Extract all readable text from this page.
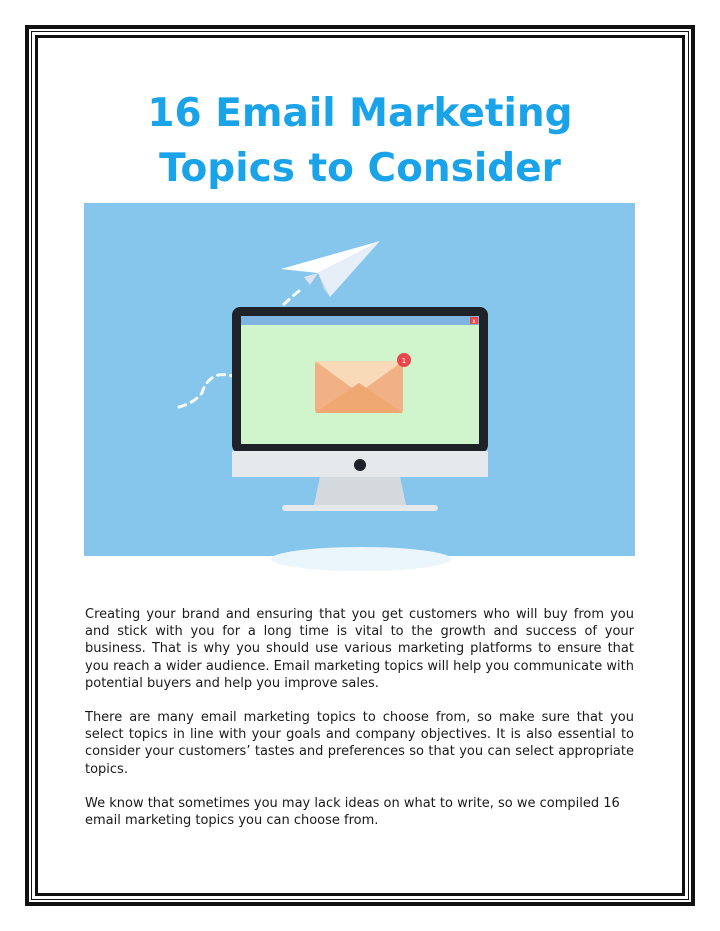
16 Email Marketing
Topics to Consider
x
1

Creating your brand and ensuring that you get customers who will buy from you and stick with you for a long time is vital to the growth and success of your business. That is why you should use various marketing platforms to ensure that you reach a wider audience. Email marketing topics will help you communicate with potential buyers and help you improve sales.

There are many email marketing topics to choose from, so make sure that you select topics in line with your goals and company objectives. It is also essential to consider your customers’ tastes and preferences so that you can select appropriate topics.

We know that sometimes you may lack ideas on what to write, so we compiled 16 email marketing topics you can choose from.
